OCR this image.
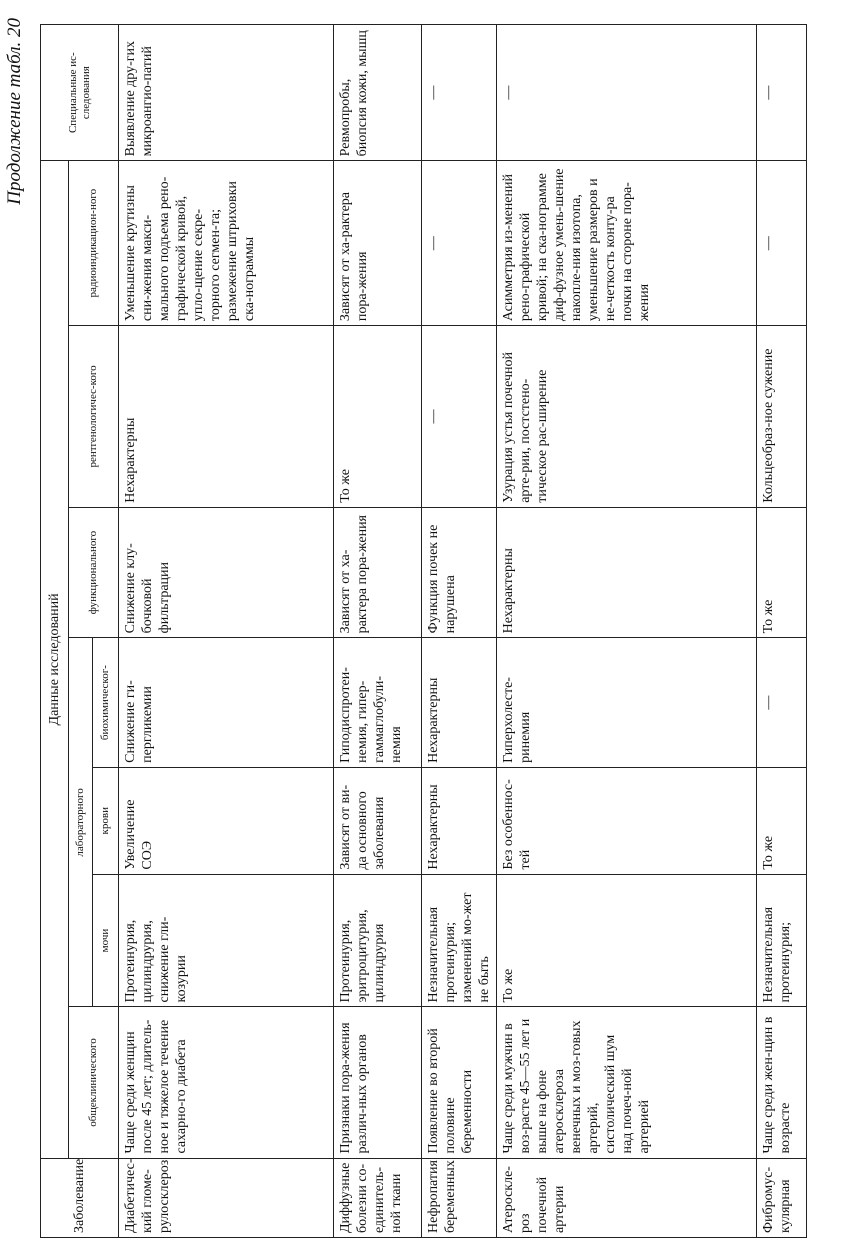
Продолжение табл. 20
Заболевание	Данные исследований							Специальные ис-следования
	общеклинического	лабораторного			функционального	рентгенологичес-кого	радиоиндикацион-ного	
		мочи	крови	биохимическог-				
Диабетичес-кий гломе-рулосклероз	Чаще среди женщин после 45 лет; длитель-ное и тяжелое течение сахарно-го диабета	Протеинурия, цилиндрурия, снижение гли-козурии	Увеличение СОЭ	Снижение ги-пергликемии	Снижение клу-бочковой фильтрации	Нехарактерны	Уменьшение крутизны сни-жения макси-мального подъема рено-графической кривой, упло-щение секре-торного сегмен-та; размежение штриховки ска-нограммы	Выявление дру-гих микроангио-патий
Диффузные болезни со-единитель-ной ткани	Признаки пора-жения различ-ных органов	Протеинурия, эритроцитурия, цилиндрурия	Зависят от ви-да основного заболевания	Гиподиспротеи-немия, гипер-гаммаглобули-немия	Зависят от ха-рактера пора-жения	То же	Зависят от ха-рактера пора-жения	Ревмопробы, биопсия кожи, мышц
Нефропатия беременных	Появление во второй половине беременности	Незначительная протеинурия; изменений мо-жет не быть	Нехарактерны	Нехарактерны	Функция почек не нарушена	—	—	—
Атероскле-роз почечной артерии	Чаще среди мужчин в воз-расте 45—55 лет и выше на фоне атеросклероза венечных и моз-говых артерий, систолический шум над почеч-ной артерией	То же	Без особеннос-тей	Гиперхолесте-ринемия	Нехарактерны	Узурация устья почечной арте-рии, постстено-тическое рас-ширение	Асимметрия из-менений рено-графической кривой; на ска-нограмме диф-фузное умень-шение накопле-ния изотопа, уменьшение размеров и не-четкость конту-ра почки на стороне пора-жения	—
Фибромус-кулярная	Чаще среди жен-щин в возрасте	Незначительная протеинурия;	То же	—	То же	Кольцеобраз-ное сужение	—	—
